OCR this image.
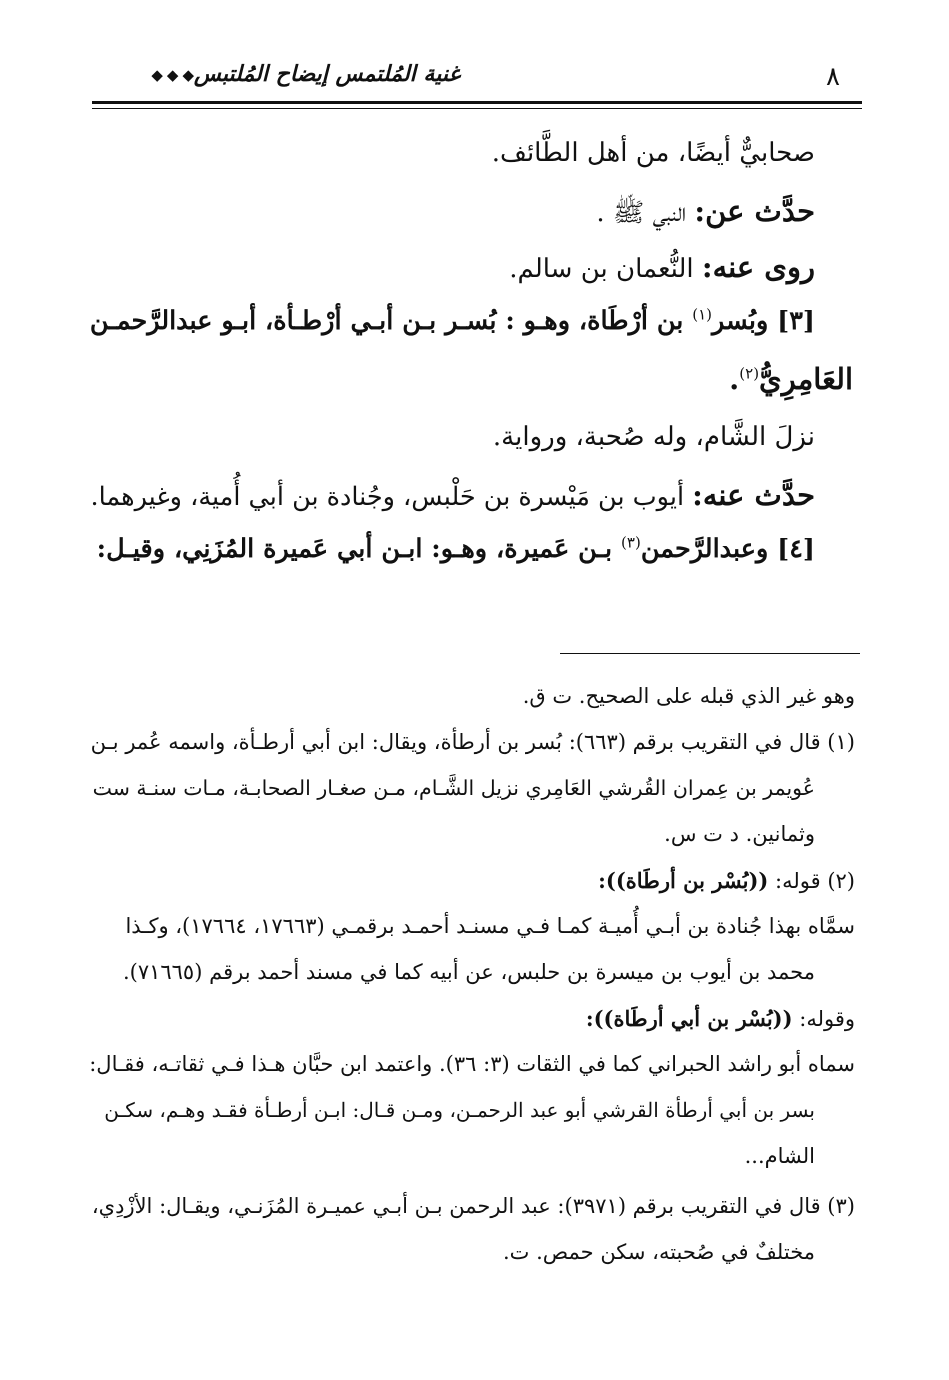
٨
غنية المُلتمس إيضاح المُلتبس
◆◆◆
صحابيٌّ أيضًا، من أهل الطَّائف.
حدَّث عن: النبي ﷺ .
روى عنه: النُّعمان بن سالم.
[٣] وبُسر$^{(١)}$ بن أرْطَاة، وهـو : بُسـر بـن أبـي أرْطـأة، أبـو عبدالرَّحمـن
العَامِرِيُّ$^{(٢)}$.
نزلَ الشَّام، وله صُحبة، ورواية.
حدَّث عنه: أيوب بن مَيْسرة بن حَلْبس، وجُنادة بن أبي أُمية، وغيرهما.
[٤] وعبدالرَّحمن$^{(٣)}$ بـن عَميرة، وهـو: ابـن أبي عَميرة المُزَنِي، وقيـل:
وهو غير الذي قبله على الصحيح. ت ق.
(١) قال في التقريب برقم (٦٦٣): بُسر بن أرطأة، ويقال: ابن أبي أرطـأة، واسمه عُمر بـن
عُويمر بن عِمران القُرشي العَامِري نزيل الشَّـام، مـن صغـار الصحابـة، مـات سنـة ست
وثمانين. د ت س.
(٢) قوله: ((بُسْر بن أرطَاة)):
سمَّاه بهذا جُنادة بن أبـي أُميـة كمـا فـي مسنـد أحمـد برقمـي (١٧٦٦٣، ١٧٦٦٤)، وكـذا
محمد بن أيوب بن ميسرة بن حلبس، عن أبيه كما في مسند أحمد برقم (٧١٦٦٥).
وقوله: ((بُسْر بن أبي أرطَاة)):
سماه أبو راشد الحبراني كما في الثقات (٣: ٣٦). واعتمد ابن حبَّان هـذا فـي ثقاتـه، فقـال:
بسر بن أبي أرطأة القرشي أبو عبد الرحمـن، ومـن قـال: ابـن أرطـأة فقـد وهـم، سكـن
الشام...
(٣) قال في التقريب برقم (٣٩٧١): عبد الرحمن بـن أبـي عميـرة المُزَنـي، ويقـال: الأزْدِي،
مختلفٌ في صُحبته، سكن حمص. ت.
